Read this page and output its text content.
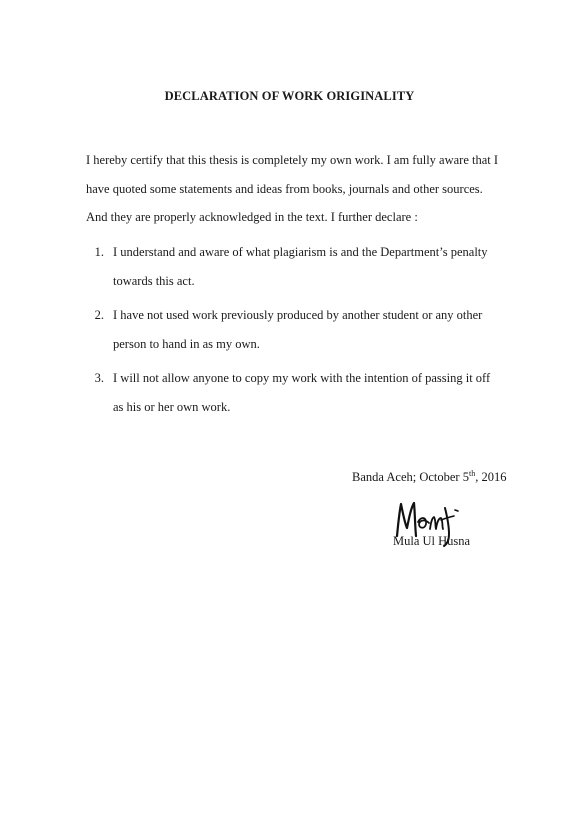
DECLARATION OF WORK ORIGINALITY
I hereby certify that this thesis is completely my own work. I am fully aware that I
have quoted some statements and ideas from books, journals and other sources.
And they are properly acknowledged in the text. I further declare :
1. I understand and aware of what plagiarism is and the Department’s penalty
towards this act.
2. I have not used work previously produced by another student or any other
person to hand in as my own.
3. I will not allow anyone to copy my work with the intention of passing it off
as his or her own work.
Banda Aceh; October 5th, 2016
Mula Ul Husna
